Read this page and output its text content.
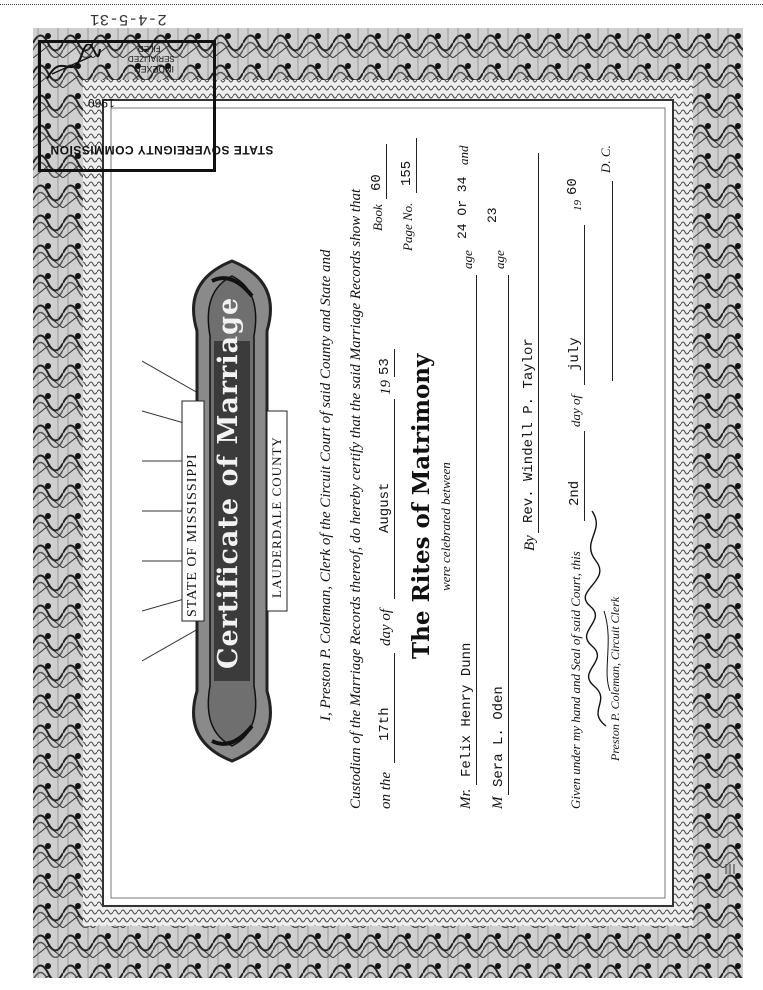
STATE OF MISSISSIPPI Certificate of Marriage LAUDERDALE COUNTY I, Preston P. Coleman, Clerk of the Circuit Court of said County and State and Custodian of the Marriage Records thereof, do hereby certify that the said Marriage Records show that on the
17th
day of
August
19
53
Book
60
Page No.
155
The Rites of Matrimony were celebrated between
Mr.
Felix Henry Dunn
age
24 Or 34
and
M
Sera L. Oden
age
23
By
Rev. Windell P. Taylor
Given under my hand and Seal of said Court, this
2nd
day of
july
19
60
Preston P. Coleman, Circuit Clerk
D. C.
2-4-5-31
INDEXED
SERIALIZED
FILED
1960
STATE SOVEREIGNTY COMMISSION
